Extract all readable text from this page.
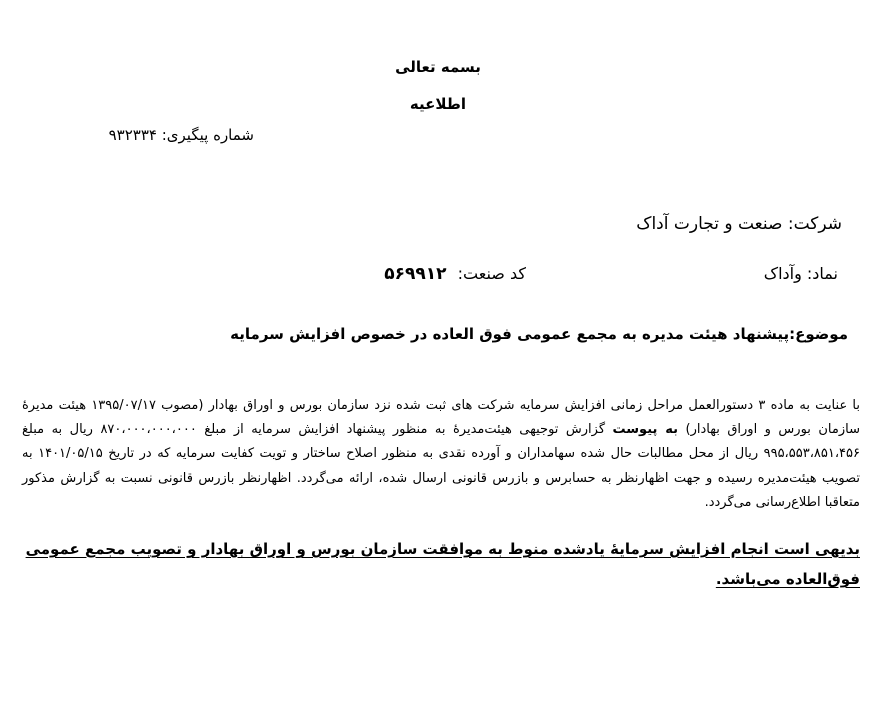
بسمه تعالی
اطلاعیه
شماره پیگیری: ۹۳۲۳۳۴
شرکت: صنعت و تجارت آداک
نماد: وآداک
کد صنعت: ۵۶۹۹۱۲
موضوع:پیشنهاد هیئت مدیره به مجمع عمومی فوق العاده در خصوص افزایش سرمایه

با عنایت به ماده ۳ دستورالعمل مراحل زمانی افزایش سرمایه شرکت های ثبت شده نزد سازمان بورس و اوراق بهادار (مصوب ۱۳۹۵/۰۷/۱۷ هیئت مدیرهٔ سازمان بورس و اوراق بهادار) به پیوست گزارش توجیهی هیئت‌مدیرهٔ به منظور پیشنهاد افزایش سرمایه از مبلغ ۸۷۰،۰۰۰،۰۰۰،۰۰۰ ریال به مبلغ ۹۹۵،۵۵۳،۸۵۱،۴۵۶ ریال از محل مطالبات حال شده سهامداران و آورده نقدی به منظور اصلاح ساختار و تویت کفایت سرمایه که در تاریخ ۱۴۰۱/۰۵/۱۵ به تصویب هیئت‌مدیره رسیده و جهت اظهارنظر به حسابرس و بازرس قانونی ارسال شده، ارائه می‌گردد. اظهارنظر بازرس قانونی نسبت به گزارش مذکور متعاقبا اطلاع‌رسانی می‌گردد.

بدیهی است انجام افزایش سرمایهٔ یادشده منوط به موافقت سازمان بورس و اوراق بهادار و تصویب مجمع عمومی فوق‌العاده می‌باشد.
